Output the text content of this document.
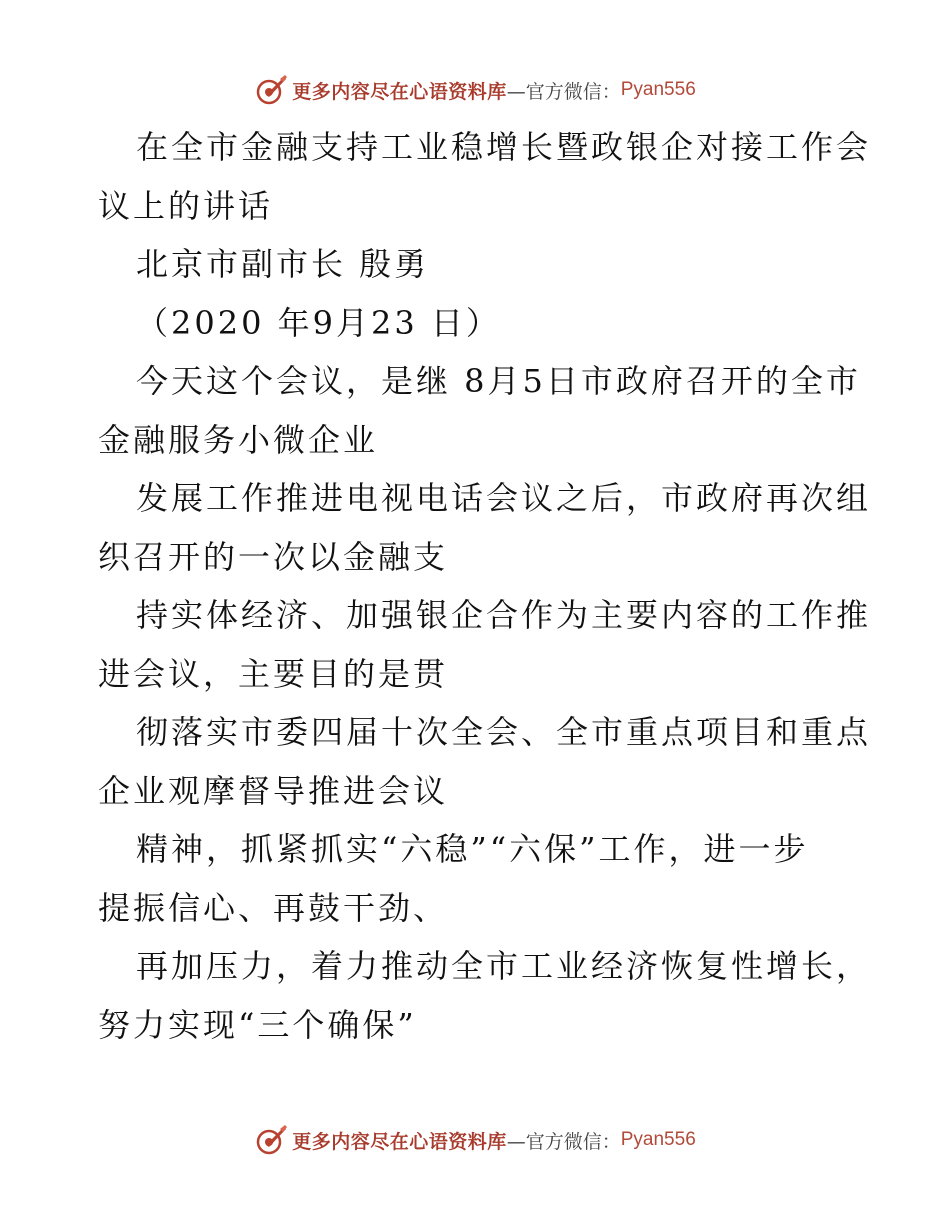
更多内容尽在心语资料库 —官方微信： Pyan556
在全市金融支持工业稳增长暨政银企对接工作会
议上的讲话
北京市副市长 殷勇
（2020 年9月23 日）
今天这个会议，是继 8月5日市政府召开的全市
金融服务小微企业
发展工作推进电视电话会议之后，市政府再次组
织召开的一次以金融支
持实体经济、加强银企合作为主要内容的工作推
进会议，主要目的是贯
彻落实市委四届十次全会、全市重点项目和重点
企业观摩督导推进会议
精神，抓紧抓实“六稳”“六保”工作，进一步
提振信心、再鼓干劲、
再加压力，着力推动全市工业经济恢复性增长，
努力实现“三个确保”
更多内容尽在心语资料库 —官方微信： Pyan556
